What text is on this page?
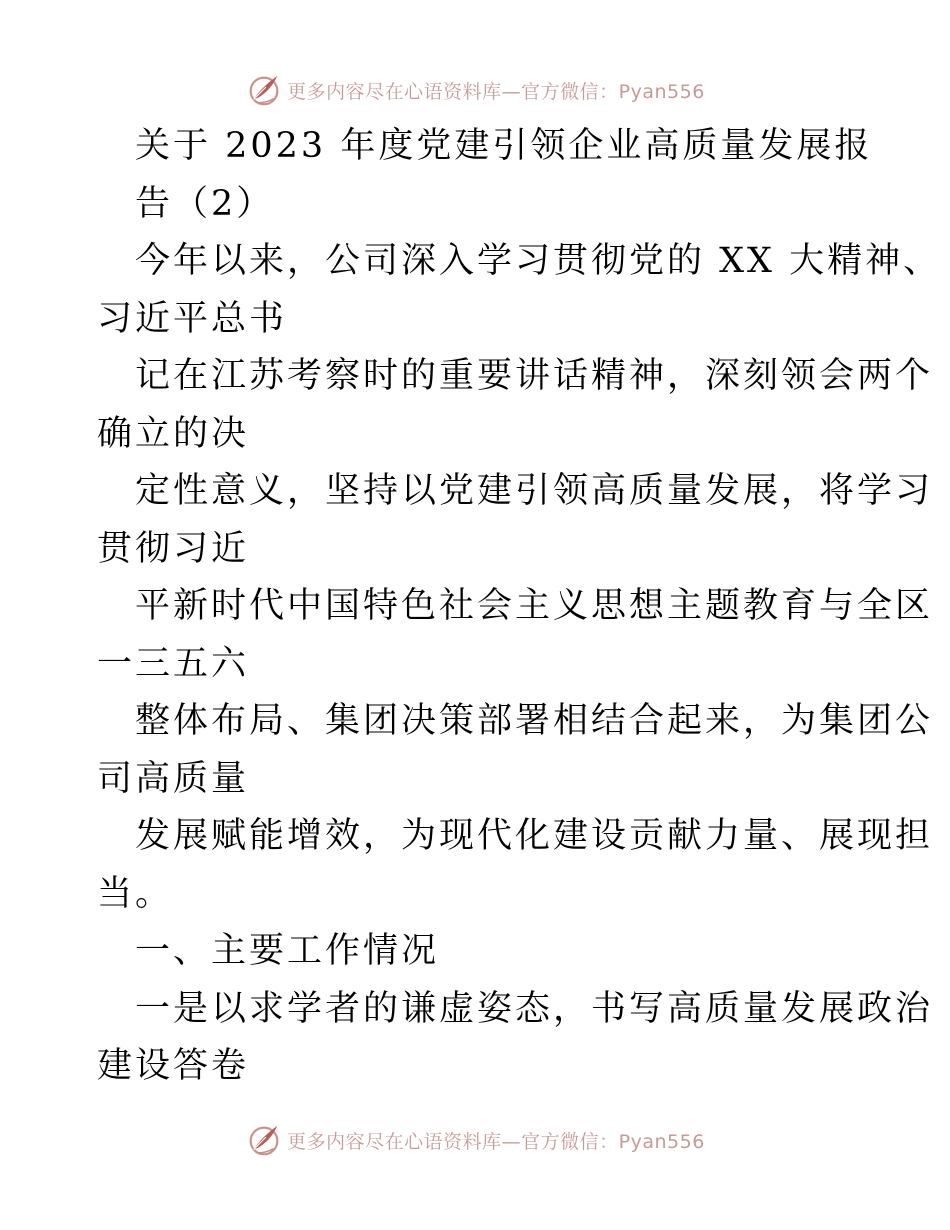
更多内容尽在心语资料库—官方微信：Pyan556
关于 2023 年度党建引领企业高质量发展报
告（2）
今年以来，公司深入学习贯彻党的 XX 大精神、
习近平总书
记在江苏考察时的重要讲话精神，深刻领会两个
确立的决
定性意义，坚持以党建引领高质量发展，将学习
贯彻习近
平新时代中国特色社会主义思想主题教育与全区
一三五六
整体布局、集团决策部署相结合起来，为集团公
司高质量
发展赋能增效，为现代化建设贡献力量、展现担
当。
一、主要工作情况
一是以求学者的谦虚姿态，书写高质量发展政治
建设答卷
更多内容尽在心语资料库—官方微信：Pyan556
